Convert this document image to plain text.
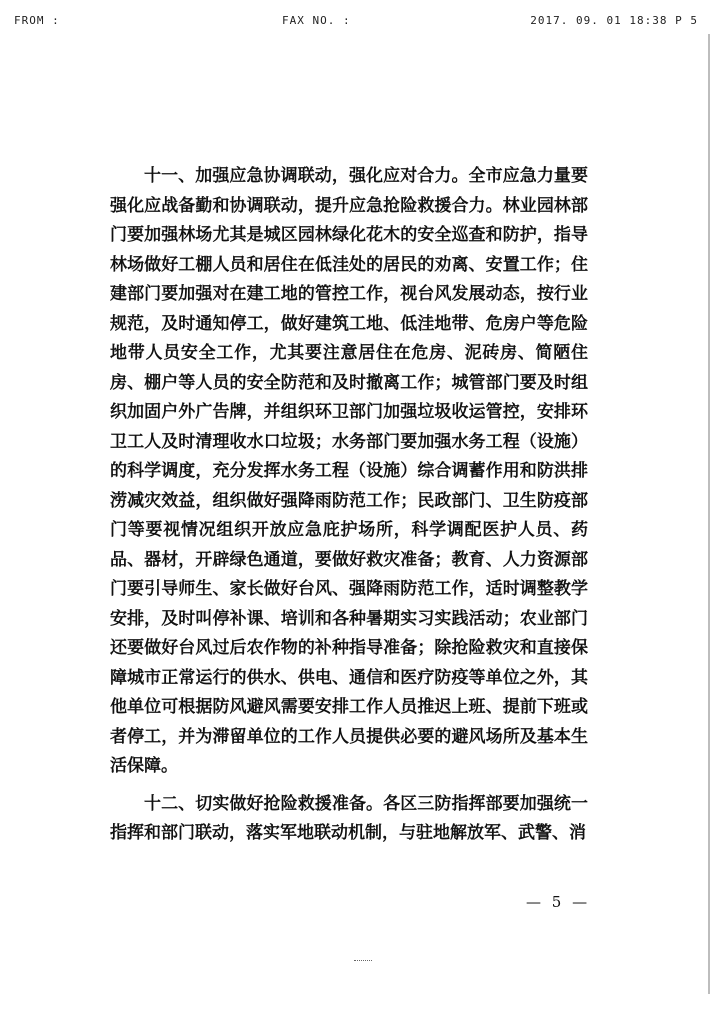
FROM :	FAX NO. :	2017. 09. 01 18:38 P 5

十一、加强应急协调联动，强化应对合力。全市应急力量要强化应战备勤和协调联动，提升应急抢险救援合力。林业园林部门要加强林场尤其是城区园林绿化花木的安全巡查和防护，指导林场做好工棚人员和居住在低洼处的居民的劝离、安置工作；住建部门要加强对在建工地的管控工作，视台风发展动态，按行业规范，及时通知停工，做好建筑工地、低洼地带、危房户等危险地带人员安全工作，尤其要注意居住在危房、泥砖房、简陋住房、棚户等人员的安全防范和及时撤离工作；城管部门要及时组织加固户外广告牌，并组织环卫部门加强垃圾收运管控，安排环卫工人及时清理收水口垃圾；水务部门要加强水务工程（设施）的科学调度，充分发挥水务工程（设施）综合调蓄作用和防洪排涝减灾效益，组织做好强降雨防范工作；民政部门、卫生防疫部门等要视情况组织开放应急庇护场所，科学调配医护人员、药品、器材，开辟绿色通道，要做好救灾准备；教育、人力资源部门要引导师生、家长做好台风、强降雨防范工作，适时调整教学安排，及时叫停补课、培训和各种暑期实习实践活动；农业部门还要做好台风过后农作物的补种指导准备；除抢险救灾和直接保障城市正常运行的供水、供电、通信和医疗防疫等单位之外，其他单位可根据防风避风需要安排工作人员推迟上班、提前下班或者停工，并为滞留单位的工作人员提供必要的避风场所及基本生活保障。

十二、切实做好抢险救援准备。各区三防指挥部要加强统一指挥和部门联动，落实军地联动机制，与驻地解放军、武警、消

— 5 —
